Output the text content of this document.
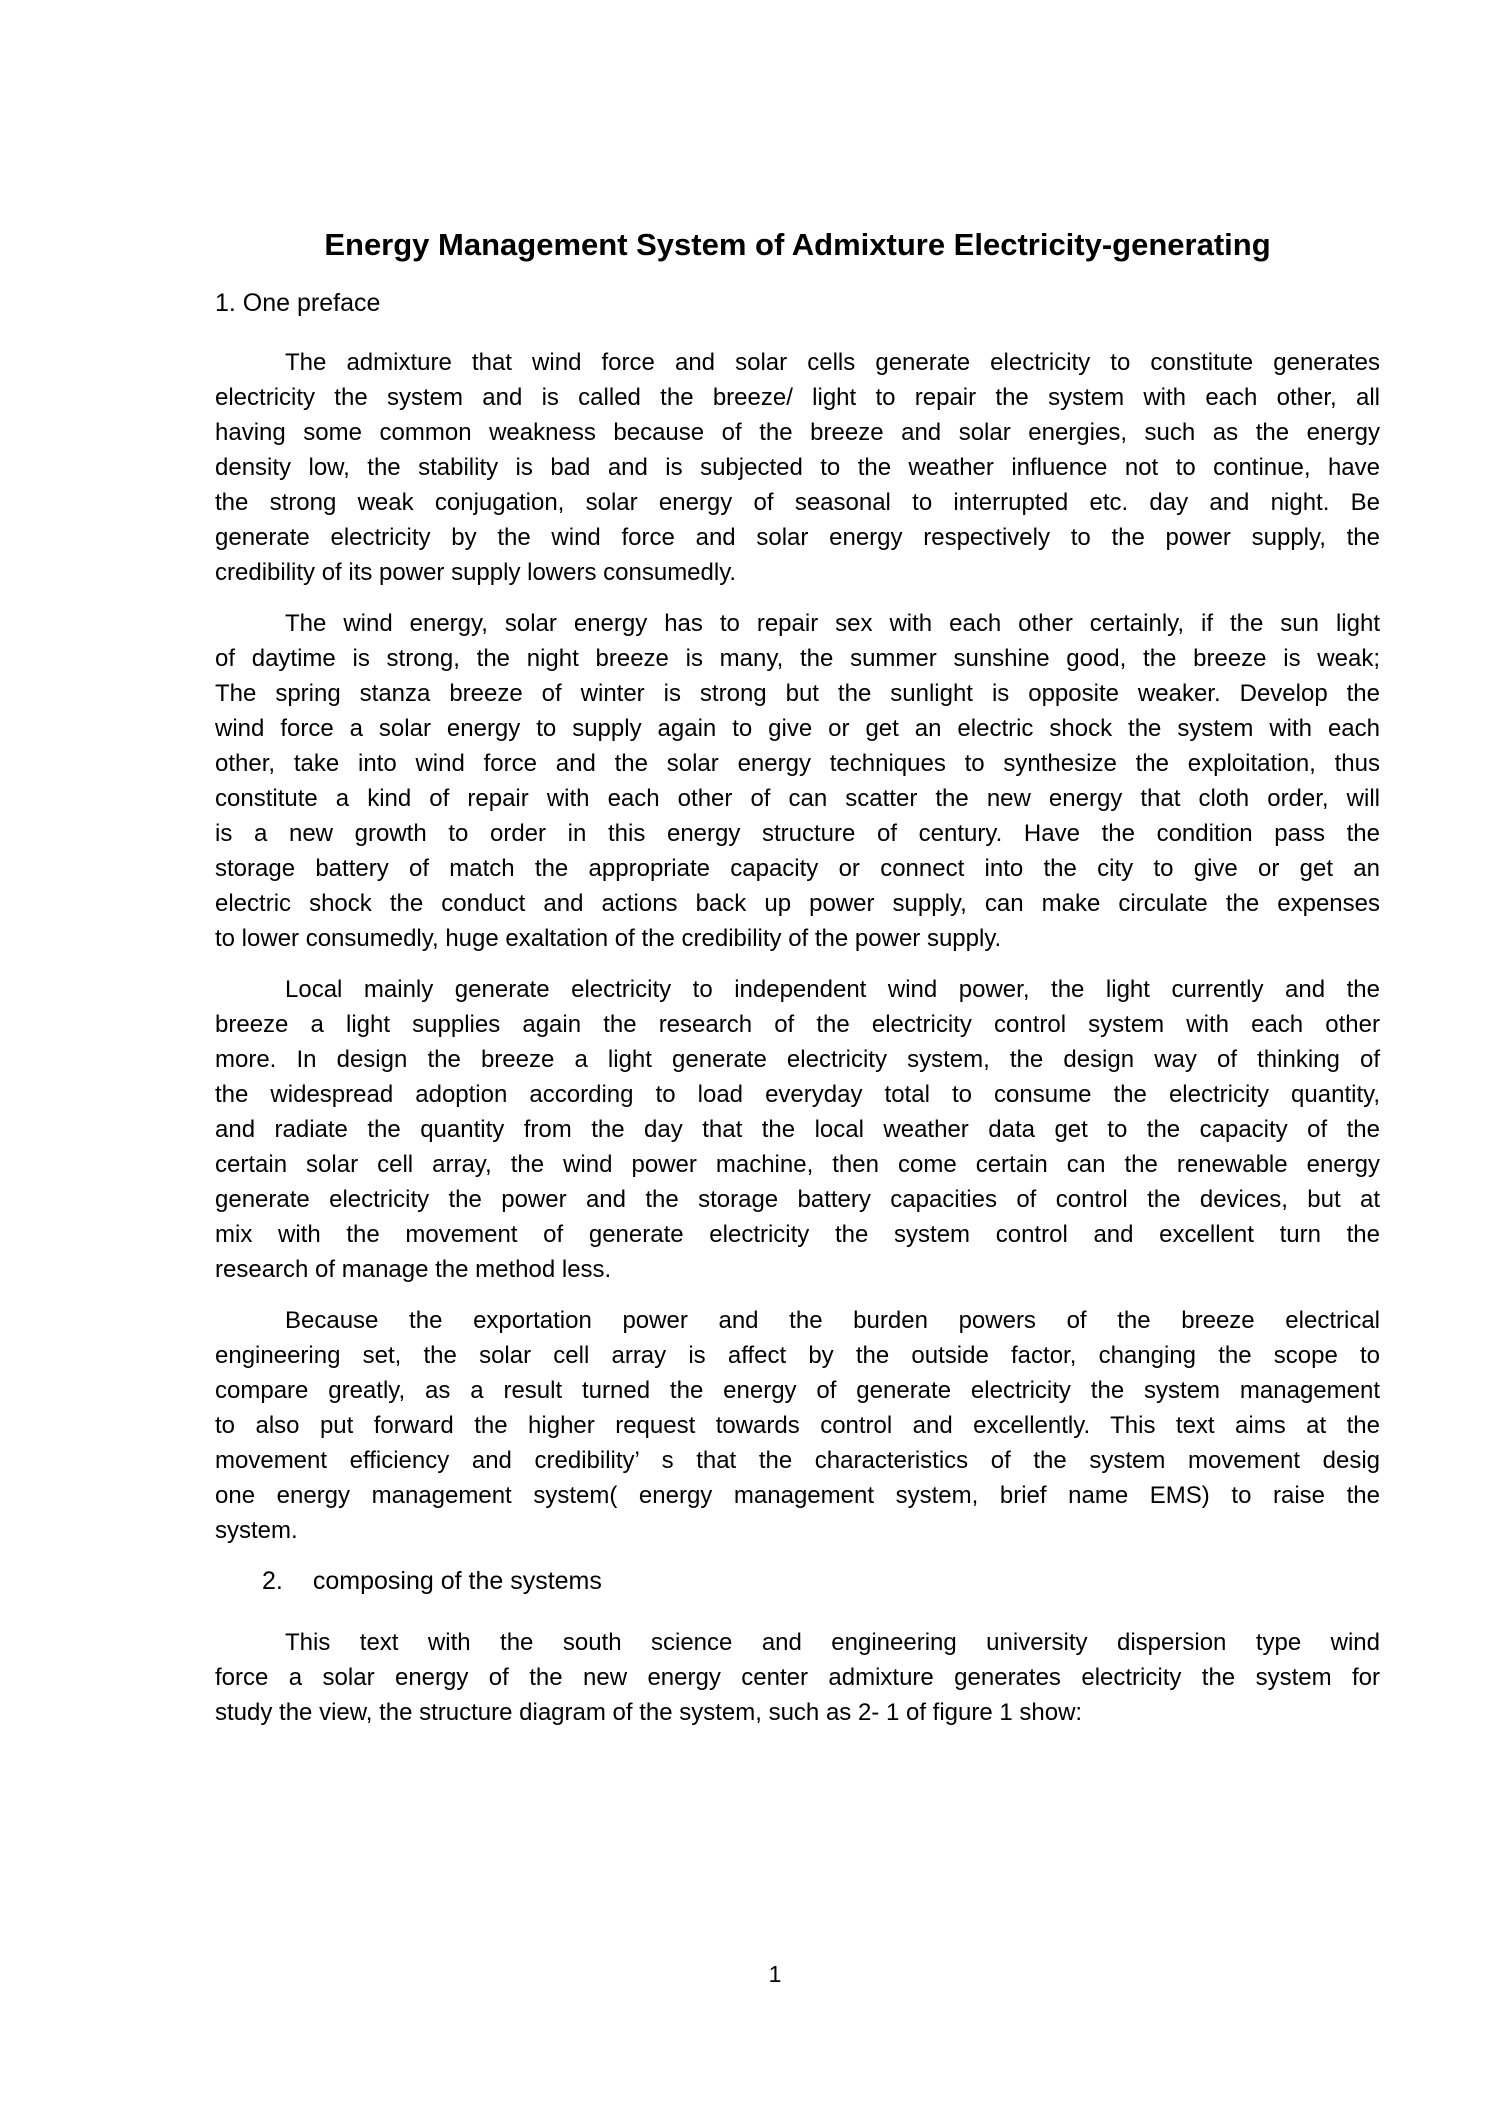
Energy Management System of Admixture Electricity-generating
1. One preface
The admixture that wind force and solar cells generate electricity to constitute generates
electricity the system and is called the breeze/ light to repair the system with each other, all
having some common weakness because of the breeze and solar energies, such as the energy
density low, the stability is bad and is subjected to the weather influence not to continue, have
the strong weak conjugation, solar energy of seasonal to interrupted etc. day and night. Be
generate electricity by the wind force and solar energy respectively to the power supply, the
credibility of its power supply lowers consumedly.
The wind energy, solar energy has to repair sex with each other certainly, if the sun light
of daytime is strong, the night breeze is many, the summer sunshine good, the breeze is weak;
The spring stanza breeze of winter is strong but the sunlight is opposite weaker. Develop the
wind force a solar energy to supply again to give or get an electric shock the system with each
other, take into wind force and the solar energy techniques to synthesize the exploitation, thus
constitute a kind of repair with each other of can scatter the new energy that cloth order, will
is a new growth to order in this energy structure of century. Have the condition pass the
storage battery of match the appropriate capacity or connect into the city to give or get an
electric shock the conduct and actions back up power supply, can make circulate the expenses
to lower consumedly, huge exaltation of the credibility of the power supply.
Local mainly generate electricity to independent wind power, the light currently and the
breeze a light supplies again the research of the electricity control system with each other
more. In design the breeze a light generate electricity system, the design way of thinking of
the widespread adoption according to load everyday total to consume the electricity quantity,
and radiate the quantity from the day that the local weather data get to the capacity of the
certain solar cell array, the wind power machine, then come certain can the renewable energy
generate electricity the power and the storage battery capacities of control the devices, but at
mix with the movement of generate electricity the system control and excellent turn the
research of manage the method less.
Because the exportation power and the burden powers of the breeze electrical
engineering set, the solar cell array is affect by the outside factor, changing the scope to
compare greatly, as a result turned the energy of generate electricity the system management
to also put forward the higher request towards control and excellently. This text aims at the
movement efficiency and credibility’ s that the characteristics of the system movement desig
one energy management system( energy management system, brief name EMS) to raise the
system.
2. composing of the systems
This text with the south science and engineering university dispersion type wind
force a solar energy of the new energy center admixture generates electricity the system for
study the view, the structure diagram of the system, such as 2- 1 of figure 1 show:
1
